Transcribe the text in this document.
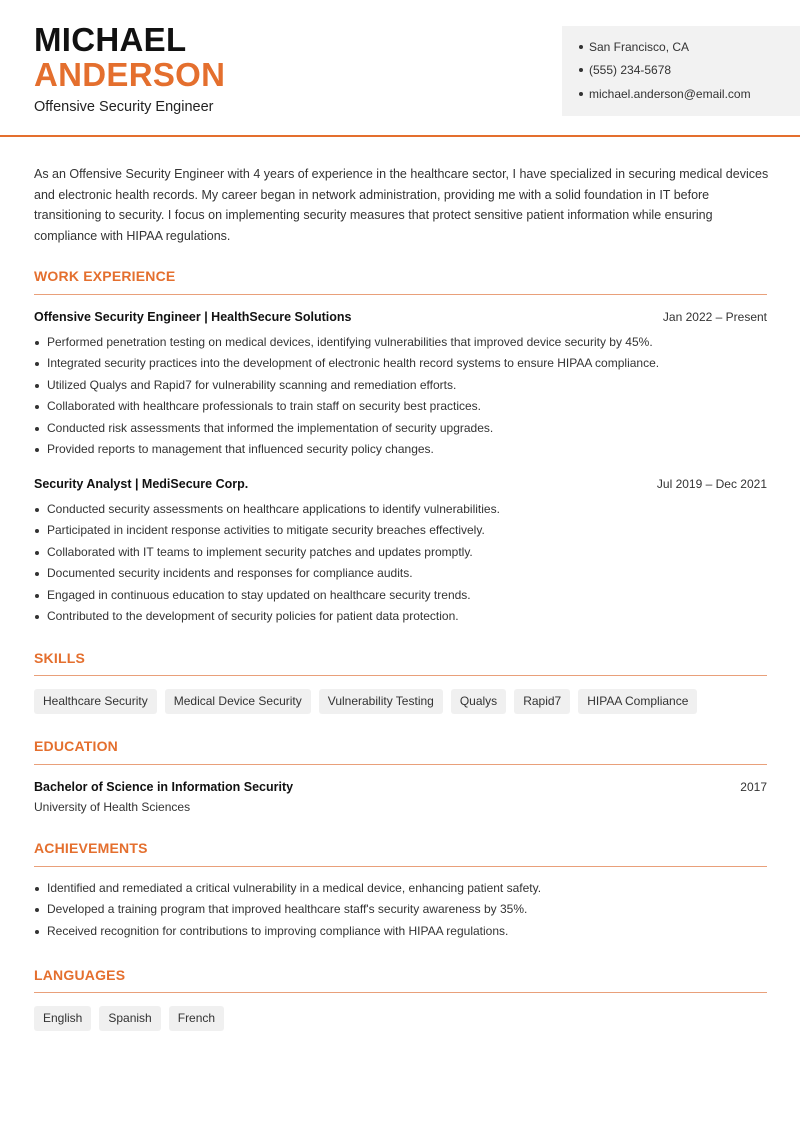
MICHAEL
ANDERSON
Offensive Security Engineer
San Francisco, CA
(555) 234-5678
michael.anderson@email.com

As an Offensive Security Engineer with 4 years of experience in the healthcare sector, I have specialized in securing medical devices and electronic health records. My career began in network administration, providing me with a solid foundation in IT before transitioning to security. I focus on implementing security measures that protect sensitive patient information while ensuring compliance with HIPAA regulations.

WORK EXPERIENCE
Offensive Security Engineer | HealthSecure Solutions	Jan 2022 – Present
Performed penetration testing on medical devices, identifying vulnerabilities that improved device security by 45%.
Integrated security practices into the development of electronic health record systems to ensure HIPAA compliance.
Utilized Qualys and Rapid7 for vulnerability scanning and remediation efforts.
Collaborated with healthcare professionals to train staff on security best practices.
Conducted risk assessments that informed the implementation of security upgrades.
Provided reports to management that influenced security policy changes.
Security Analyst | MediSecure Corp.	Jul 2019 – Dec 2021
Conducted security assessments on healthcare applications to identify vulnerabilities.
Participated in incident response activities to mitigate security breaches effectively.
Collaborated with IT teams to implement security patches and updates promptly.
Documented security incidents and responses for compliance audits.
Engaged in continuous education to stay updated on healthcare security trends.
Contributed to the development of security policies for patient data protection.
SKILLS
Healthcare Security	Medical Device Security	Vulnerability Testing	Qualys	Rapid7	HIPAA Compliance
EDUCATION
Bachelor of Science in Information Security	2017
University of Health Sciences
ACHIEVEMENTS
Identified and remediated a critical vulnerability in a medical device, enhancing patient safety.
Developed a training program that improved healthcare staff's security awareness by 35%.
Received recognition for contributions to improving compliance with HIPAA regulations.
LANGUAGES
English	Spanish	French
